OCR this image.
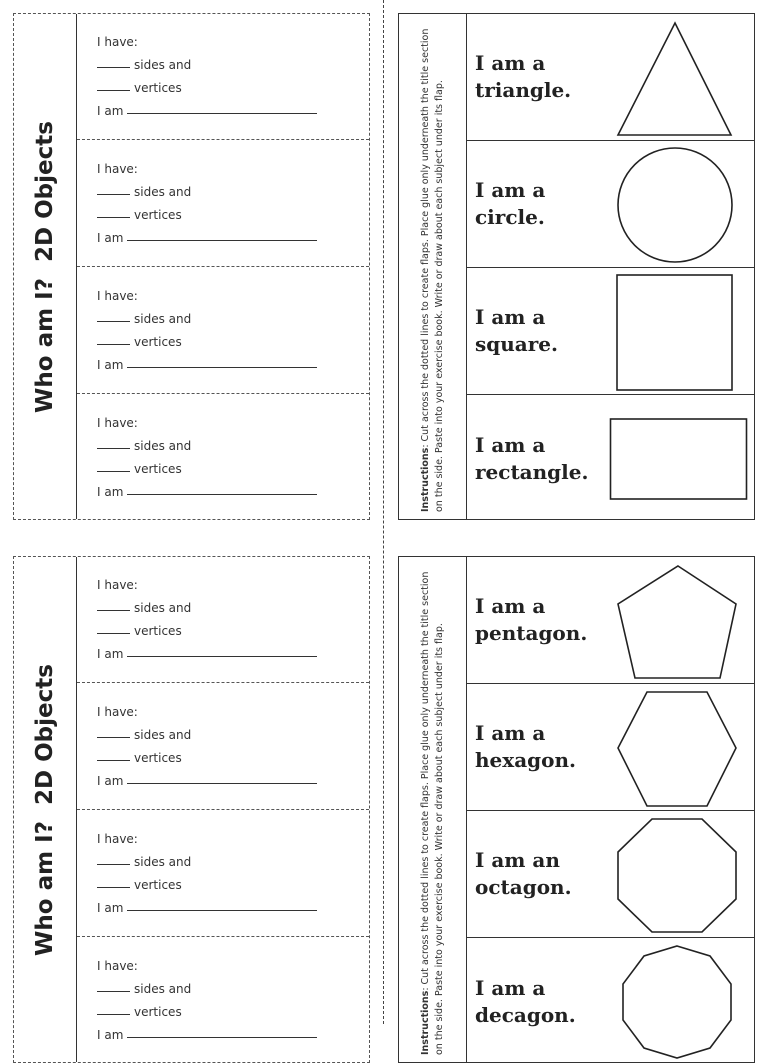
Who am I?  2D Objects
I have:
sides and
vertices
I am
I have:
sides and
vertices
I am
I have:
sides and
vertices
I am
I have:
sides and
vertices
I am	Instructions: Cut across the dotted lines to create flaps. Place glue only underneath the title section on the side. Paste into your exercise book. Write or draw about each subject under its flap.
I am a
triangle.
I am a
circle.
I am a
square.
I am a
rectangle.
Who am I?  2D Objects
I have:
sides and
vertices
I am
I have:
sides and
vertices
I am
I have:
sides and
vertices
I am
I have:
sides and
vertices
I am	Instructions: Cut across the dotted lines to create flaps. Place glue only underneath the title section on the side. Paste into your exercise book. Write or draw about each subject under its flap.
I am a
pentagon.
I am a
hexagon.
I am an
octagon.
I am a
decagon.
